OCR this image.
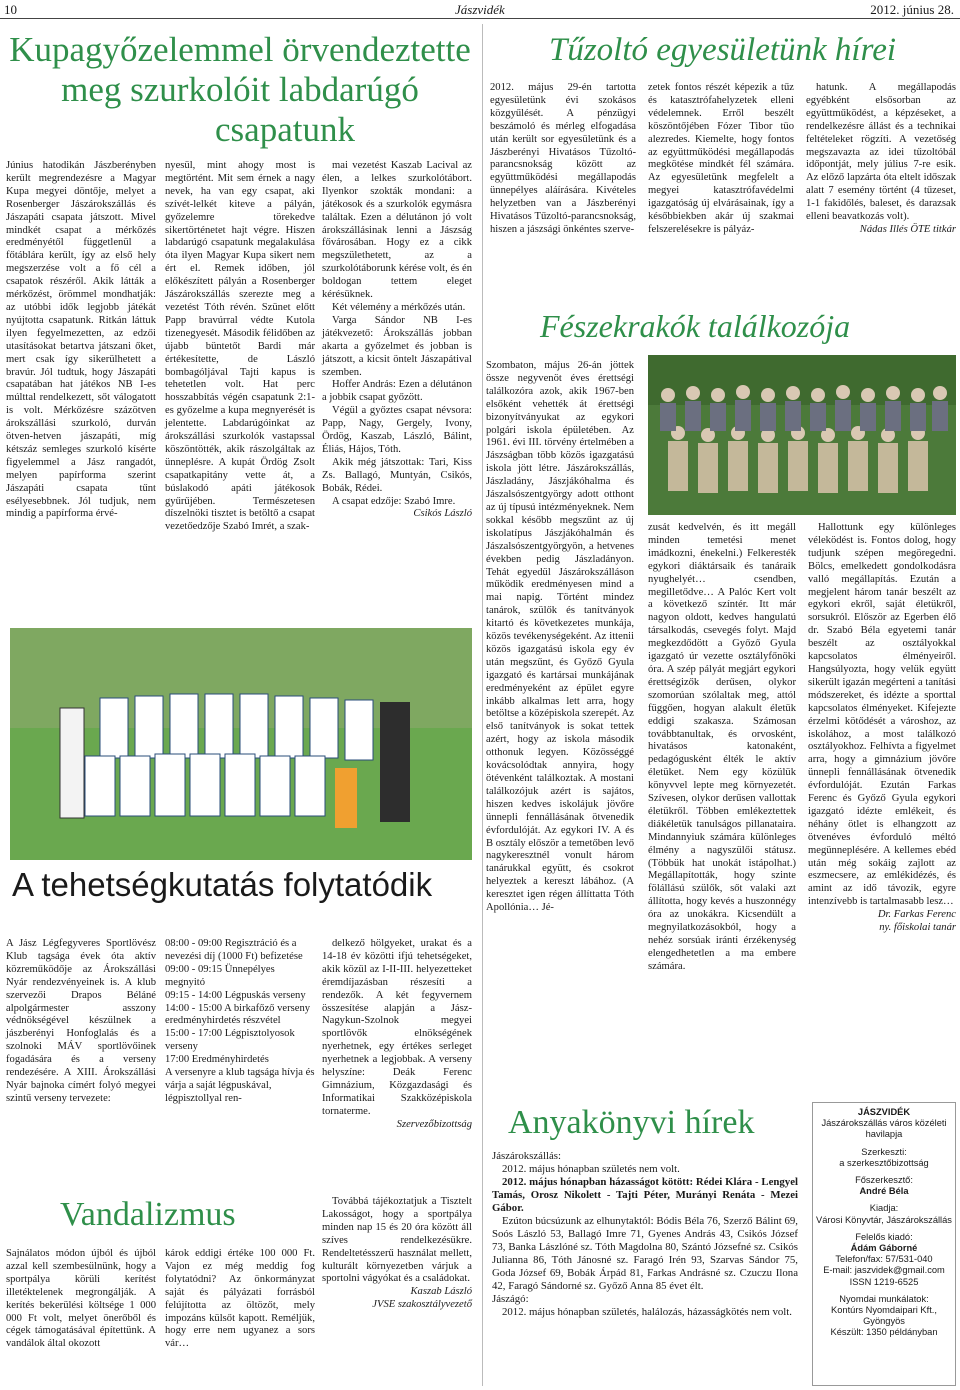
10	Jászvidék	2012. június 28.
Kupagyőzelemmel örvendeztette
meg szurkolóit labdarúgó
csapatunk
Június hatodikán Jászberényben került megrendezésre a Magyar Kupa megyei döntője, melyet a Rosenberger Jászárokszállás és Jászapáti csapata játszott. Mivel mindkét csapat a mérkőzés eredményétől függetlenül a főtáblára került, így az első hely megszerzése volt a fő cél a csapatok részéről. Akik látták a mérkőzést, örömmel mondhatják: az utóbbi idők legjobb játékát nyújtotta csapatunk. Ritkán láttuk ilyen fegyelmezetten, az edzői utasításokat betartva játszani őket, mert csak így sikerülhetett a bravúr. Jól tudtuk, hogy Jászapáti csapatában hat játékos NB I-es múlttal rendelkezett, sőt válogatott is volt. Mérkőzésre százötven árokszállási szurkoló, durván ötven-hetven jászapáti, míg kétszáz semleges szurkoló kísérte figyelemmel a Jász rangadót, melyen papírforma szerint Jászapáti csapata tűnt esélyesebbnek. Jól tudjuk, nem mindig a papírforma érvé-
nyesül, mint ahogy most is megtörtént. Mit sem érnek a nagy nevek, ha van egy csapat, aki szívét-lelkét kiteve a pályán, győzelemre törekedve sikertörténetet hajt végre. Hiszen labdarúgó csapatunk megalakulása óta ilyen Magyar Kupa sikert nem ért el. Remek időben, jól előkészített pályán a Rosenberger Jászárokszállás szerezte meg a vezetést Tóth révén. Szünet előtt Papp bravúrral védte Kutola tizenegyesét. Második félidőben az újabb büntetőt Bardi már értékesítette, de László bombagóljával Tajti kapus is tehetetlen volt. Hat perc hosszabbítás végén csapatunk 2:1-es győzelme a kupa megnyerését is jelentette. Labdarúgóinkat az árokszállási szurkolók vastapssal köszöntötték, akik rászolgáltak az ünneplésre. A kupát Ördög Zsolt csapatkapitány vette át, a búslakodó apáti játékosok gyűrűjében. Természetesen díszelnöki tisztet is betöltő a csapat vezetőedzője Szabó Imrét, a szak-

mai vezetést Kaszab Lacival az élen, a lelkes szurkolótábort. Ilyenkor szokták mondani: a játékosok és a szurkolók egymásra találtak. Ezen a délutánon jó volt árokszállásinak lenni a Jászság fővárosában. Hogy ez a cikk megszülethetett, az a szurkolótáborunk kérése volt, és én boldogan tettem eleget kérésüknek.

Két vélemény a mérkőzés után.

Varga Sándor NB I-es játékvezető: Árokszállás jobban akarta a győzelmet és jobban is játszott, a kicsit öntelt Jászapátival szemben.

Hoffer András: Ezen a délutánon a jobbik csapat győzött.

Végül a győztes csapat névsora: Papp, Nagy, Gergely, Ivony, Ördög, Kaszab, László, Bálint, Éliás, Hájos, Tóth.

Akik még játszottak: Tari, Kiss Zs. Ballagó, Muntyán, Csikós, Bobák, Rédei.

A csapat edzője: Szabó Imre.

Csikós László
A tehetségkutatás folytatódik
A Jász Légfegyveres Sportlövész Klub tagsága évek óta aktív közreműködője az Árokszállási Nyár rendezvényeinek is. A klub szervezői Drapos Béláné alpolgármester asszony védnökségével készülnek a jászberényi Honfoglalás és a szolnoki MÁV sportlövőinek fogadására és a verseny rendezésére. A XIII. Árokszállási Nyár bajnoka címért folyó megyei szintű verseny tervezete:
08:00 - 09:00 Regisztráció és a nevezési díj (1000 Ft) befizetése
09:00 - 09:15 Ünnepélyes megnyitó
09:15 - 14:00 Légpuskás verseny
14:00 - 15:00 A birkafőző verseny eredményhirdetés részvétel
15:00 - 17:00 Légpisztolyosok verseny
17:00 Eredményhirdetés
A versenyre a klub tagsága hívja és várja a saját légpuskával, légpisztollyal ren-

delkező hölgyeket, urakat és a 14-18 év közötti ifjú tehetségeket, akik közül az I-II-III. helyezetteket éremdíjazásban részesíti a rendezők. A két fegyvernem összesítése alapján a Jász-Nagykun-Szolnok megyei sportlövők elnökségének nyerhetnek, egy értékes serleget nyerhetnek a legjobbak. A verseny helyszíne: Deák Ferenc Gimnázium, Közgazdasági és Informatikai Szakközépiskola tornaterme.

Szervezőbizottság
Vandalizmus
Sajnálatos módon újból és újból azzal kell szembesülnünk, hogy a sportpálya körüli kerítést illetéktelenek megrongálják. A kerítés bekerülési költsége 1 000 000 Ft volt, melyet önerőből és cégek támogatásával építettünk. A vandálok által okozott
károk eddigi értéke 100 000 Ft. Vajon ez még meddig fog folytatódni? Az önkormányzat saját és pályázati forrásból felújította az öltözőt, mely impozáns külsőt kapott. Reméljük, hogy erre nem ugyanez a sors vár…

Továbbá tájékoztatjuk a Tisztelt Lakosságot, hogy a sportpálya minden nap 15 és 20 óra között áll szíves rendelkezésükre. Rendeltetésszerű használat mellett, kulturált környezetben várjuk a sportolni vágyókat és a családokat.

Kaszab László
JVSE szakosztályvezető
Tűzoltó egyesületünk hírei
2012. május 29-én tartotta egyesületünk évi szokásos közgyűlését. A pénzügyi beszámoló és mérleg elfogadása után került sor egyesületünk és a Jászberényi Hivatásos Tűzoltó-parancsnokság között az együttműködési megállapodás ünnepélyes aláírására. Kivételes helyzetben van a Jászberényi Hivatásos Tűzoltó-parancsnokság, hiszen a jászsági önkéntes szerve-
zetek fontos részét képezik a tűz és katasztrófahelyzetek elleni védelemnek. Erről beszélt köszöntőjében Fózer Tibor tüo alezredes. Kiemelte, hogy fontos az együttműködési megállapodás megkötése mindkét fél számára. Az egyesületünk megfelelt a megyei katasztrófavédelmi igazgatóság új elvárásainak, így a későbbiekben akár új szakmai felszerelésekre is pályáz-

hatunk. A megállapodás egyébként elsősorban az együttműködést, a képzéseket, a rendelkezésre állást és a technikai feltételeket rögzíti. A vezetőség megszavazta az idei tűzoltóbál időpontját, mely július 7-re esik. Az előző lapzárta óta eltelt időszak alatt 7 esemény történt (4 tűzeset, 1-1 fakidőlés, baleset, és darazsak elleni beavatkozás volt).

Nádas Illés ÖTE titkár
Fészekrakók találkozója
Szombaton, május 26-án jöttek össze negyvenöt éves érettségi találkozóra azok, akik 1967-ben elsőként vehették át érettségi bizonyítványukat az egykori polgári iskola épületében. Az 1961. évi III. törvény értelmében a Jászságban több közös igazgatású iskola jött létre. Jászárokszállás, Jászladány, Jászjákóhalma és Jászalsószentgyörgy adott otthont az új típusú intézményeknek. Nem sokkal később megszűnt az új iskolatípus Jászjákóhalmán és Jászalsószentgyörgyön, a hetvenes években pedig Jászladányon. Tehát egyedül Jászárokszálláson működik eredményesen mind a mai napig. Történt mindez tanárok, szülők és tanítványok kitartó és következetes munkája, közös tevékenységeként. Az ittenii közös igazgatású iskola egy év után megszűnt, és Győző Gyula igazgató és kartársai munkájának eredményeként az épület egyre inkább alkalmas lett arra, hogy betöltse a középiskola szerepét. Az első tanítványok is sokat tettek azért, hogy az iskola második otthonuk legyen. Közösséggé kovácsolódtak annyira, hogy ötévenként találkoztak. A mostani találkozójuk azért is sajátos, hiszen kedves iskolájuk jövőre ünnepli fennállásának ötvenedik évfordulóját. Az egykori IV. A és B osztály először a temetőben levő nagykeresztnél vonult három tanárukkal együtt, és csokrot helyeztek a kereszt lábához. (A keresztet igen régen állíttatta Tóth Apollónia… Jé-
zusát kedvelvén, és itt megáll minden temetési menet imádkozni, énekelni.) Felkeresték egykori diáktársaik és tanáraik nyughelyét… csendben, megilletődve… A Palóc Kert volt a következő színtér. Itt már nagyon oldott, kedves hangulatú társalkodás, csevegés folyt. Majd megkezdődött a Győző Gyula igazgató úr vezette osztályfőnöki óra. A szép pályát megjárt egykori érettségizők derűsen, olykor szomorúan szólaltak meg, attól függően, hogyan alakult életük eddigi szakasza. Számosan továbbtanultak, és orvosként, hivatásos katonaként, pedagógusként élték le aktív életüket. Nem egy közülük könyvvel lepte meg környezetét. Szívesen, olykor derűsen vallottak életükről. Többen emlékeztettek diákéletük tanulságos pillanataira. Mindannyiuk számára különleges élmény a nagyszülői státusz. (Többük hat unokát istápolhat.) Megállapították, hogy szinte fölállású szülők, sőt valaki azt állította, hogy kevés a huszonnégy óra az unokákra. Kicsendült a megnyilatkozásokból, hogy a nehéz sorsúak iránti érzékenység elengedhetetlen a ma embere számára.

Hallottunk egy különleges véleködést is. Fontos dolog, hogy tudjunk szépen megöregedni. Bölcs, emelkedett gondolkodásra valló megállapítás. Ezután a megjelent három tanár beszélt az egykori ekről, saját életükről, sorsukról. Először az Egerben élő dr. Szabó Béla egyetemi tanár beszélt az osztályokkal kapcsolatos élményeiről. Hangsúlyozta, hogy velük együtt sikerült igazán megérteni a tanítási módszereket, és idézte a sporttal kapcsolatos élményeket. Kifejezte érzelmi kötődését a városhoz, az iskolához, a most találkozó osztályokhoz. Felhívta a figyelmet arra, hogy a gimnázium jövőre ünnepli fennállásának ötvenedik évfordulóját. Ezután Farkas Ferenc és Győző Gyula egykori igazgató idézte emlékeit, és néhány ötlet is elhangzott az ötvenéves évforduló méltó megünneplésére. A kellemes ebéd után még sokáig zajlott az eszmecsere, az emlékidézés, és amint az idő távozik, egyre intenzívebb is tartalmasabb lesz…

Dr. Farkas Ferenc
ny. főiskolai tanár
Anyakönyvi hírek
Jászárokszállás:

2012. május hónapban születés nem volt.

2012. május hónapban házasságot kötött: Rédei Klára - Lengyel Tamás, Orosz Nikolett - Tajti Péter, Murányi Renáta - Mezei Gábor.

Ezúton búcsúzunk az elhunytaktól: Bódis Béla 76, Szerző Bálint 69, Soós László 53, Ballagó Imre 71, Gyenes András 43, Csikós József 73, Banka Lászlóné sz. Tóth Magdolna 80, Szántó Józsefné sz. Csikós Julianna 86, Tóth Jánosné sz. Faragó Irén 93, Szarvas Sándor 75, Goda József 69, Bobák Árpád 81, Farkas Andrásné sz. Czuczu Ilona 42, Faragó Sándorné sz. Győző Anna 85 évet élt.

Jászágó:

2012. május hónapban születés, halálozás, házasságkötés nem volt.

JÁSZVIDÉK
Jászárokszállás város közéleti havilapja
Szerkeszti:
a szerkesztőbizottság
Főszerkesztő:
André Béla
Kiadja:
Városi Könyvtár, Jászárokszállás
Felelős kiadó:
Ádám Gáborné
Telefon/fax: 57/531-040
E-mail: jaszvidek@gmail.com
ISSN 1219-6525
Nyomdai munkálatok:
Kontúrs Nyomdaipari Kft., Gyöngyös
Készült: 1350 példányban
